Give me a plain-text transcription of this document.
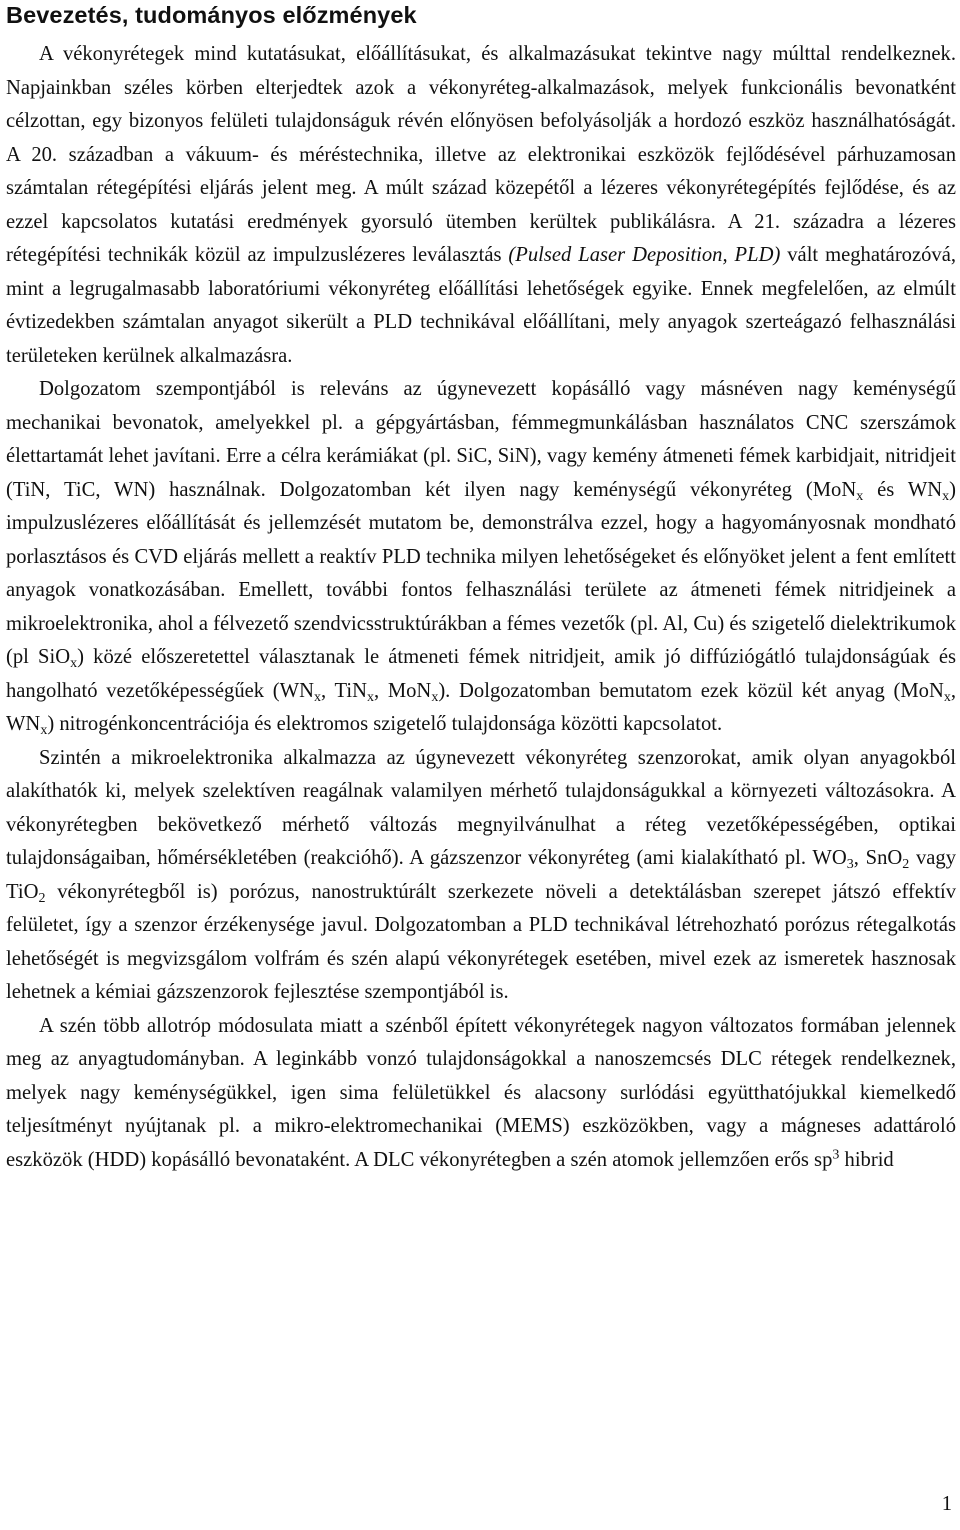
Bevezetés, tudományos előzmények

A vékonyrétegek mind kutatásukat, előállításukat, és alkalmazásukat tekintve nagy múlttal rendelkeznek. Napjainkban széles körben elterjedtek azok a vékonyréteg-alkalmazások, melyek funkcionális bevonatként célzottan, egy bizonyos felületi tulajdonságuk révén előnyösen befolyásolják a hordozó eszköz használhatóságát. A 20. században a vákuum- és méréstechnika, illetve az elektronikai eszközök fejlődésével párhuzamosan számtalan rétegépítési eljárás jelent meg. A múlt század közepétől a lézeres vékonyrétegépítés fejlődése, és az ezzel kapcsolatos kutatási eredmények gyorsuló ütemben kerültek publikálásra. A 21. századra a lézeres rétegépítési technikák közül az impulzuslézeres leválasztás (Pulsed Laser Deposition, PLD) vált meghatározóvá, mint a legrugalmasabb laboratóriumi vékonyréteg előállítási lehetőségek egyike. Ennek megfelelően, az elmúlt évtizedekben számtalan anyagot sikerült a PLD technikával előállítani, mely anyagok szerteágazó felhasználási területeken kerülnek alkalmazásra.

Dolgozatom szempontjából is releváns az úgynevezett kopásálló vagy másnéven nagy keménységű mechanikai bevonatok, amelyekkel pl. a gépgyártásban, fémmegmunkálásban használatos CNC szerszámok élettartamát lehet javítani. Erre a célra kerámiákat (pl. SiC, SiN), vagy kemény átmeneti fémek karbidjait, nitridjeit (TiN, TiC, WN) használnak. Dolgozatomban két ilyen nagy keménységű vékonyréteg (MoN$_x$ és $WN_x$) impulzuslézeres előállítását és jellemzését mutatom be, demonstrálva ezzel, hogy a hagyományosnak mondható porlasztásos és CVD eljárás mellett a reaktív PLD technika milyen lehetőségeket és előnyöket jelent a fent említett anyagok vonatkozásában. Emellett, további fontos felhasználási területe az átmeneti fémek nitridjeinek a mikroelektronika, ahol a félvezető szendvicsstruktúrákban a fémes vezetők (pl. Al, Cu) és szigetelő dielektrikumok (pl SiO$_x$) közé előszeretettel választanak le átmeneti fémek nitridjeit, amik jó diffúziógátló tulajdonságúak és hangolható vezetőképességűek ($WN_x$, TiN$_x$, MoN$_x$). Dolgozatomban bemutatom ezek közül két anyag (MoN$_x$, $WN_x$) nitrogénkoncentrációja és elektromos szigetelő tulajdonsága közötti kapcsolatot.

Szintén a mikroelektronika alkalmazza az úgynevezett vékonyréteg szenzorokat, amik olyan anyagokból alakíthatók ki, melyek szelektíven reagálnak valamilyen mérhető tulajdonságukkal a környezeti változásokra. A vékonyrétegben bekövetkező mérhető változás megnyilvánulhat a réteg vezetőképességében, optikai tulajdonságaiban, hőmérsékletében (reakcióhő). A gázszenzor vékonyréteg (ami kialakítható pl. $WO_3$, SnO$_2$ vagy TiO$_2$ vékonyrétegből is) porózus, nanostruktúrált szerkezete növeli a detektálásban szerepet játszó effektív felületet, így a szenzor érzékenysége javul. Dolgozatomban a PLD technikával létrehozható porózus rétegalkotás lehetőségét is megvizsgálom volfrám és szén alapú vékonyrétegek esetében, mivel ezek az ismeretek hasznosak lehetnek a kémiai gázszenzorok fejlesztése szempontjából is.

A szén több allotróp módosulata miatt a szénből épített vékonyrétegek nagyon változatos formában jelennek meg az anyagtudományban. A leginkább vonzó tulajdonságokkal a nanoszemcsés DLC rétegek rendelkeznek, melyek nagy keménységükkel, igen sima felületükkel és alacsony surlódási együtthatójukkal kiemelkedő teljesítményt nyújtanak pl. a mikro-elektromechanikai (MEMS) eszközökben, vagy a mágneses adattároló eszközök (HDD) kopásálló bevonataként. A DLC vékonyrétegben a szén atomok jellemzően erős $sp^3$ hibrid

1
